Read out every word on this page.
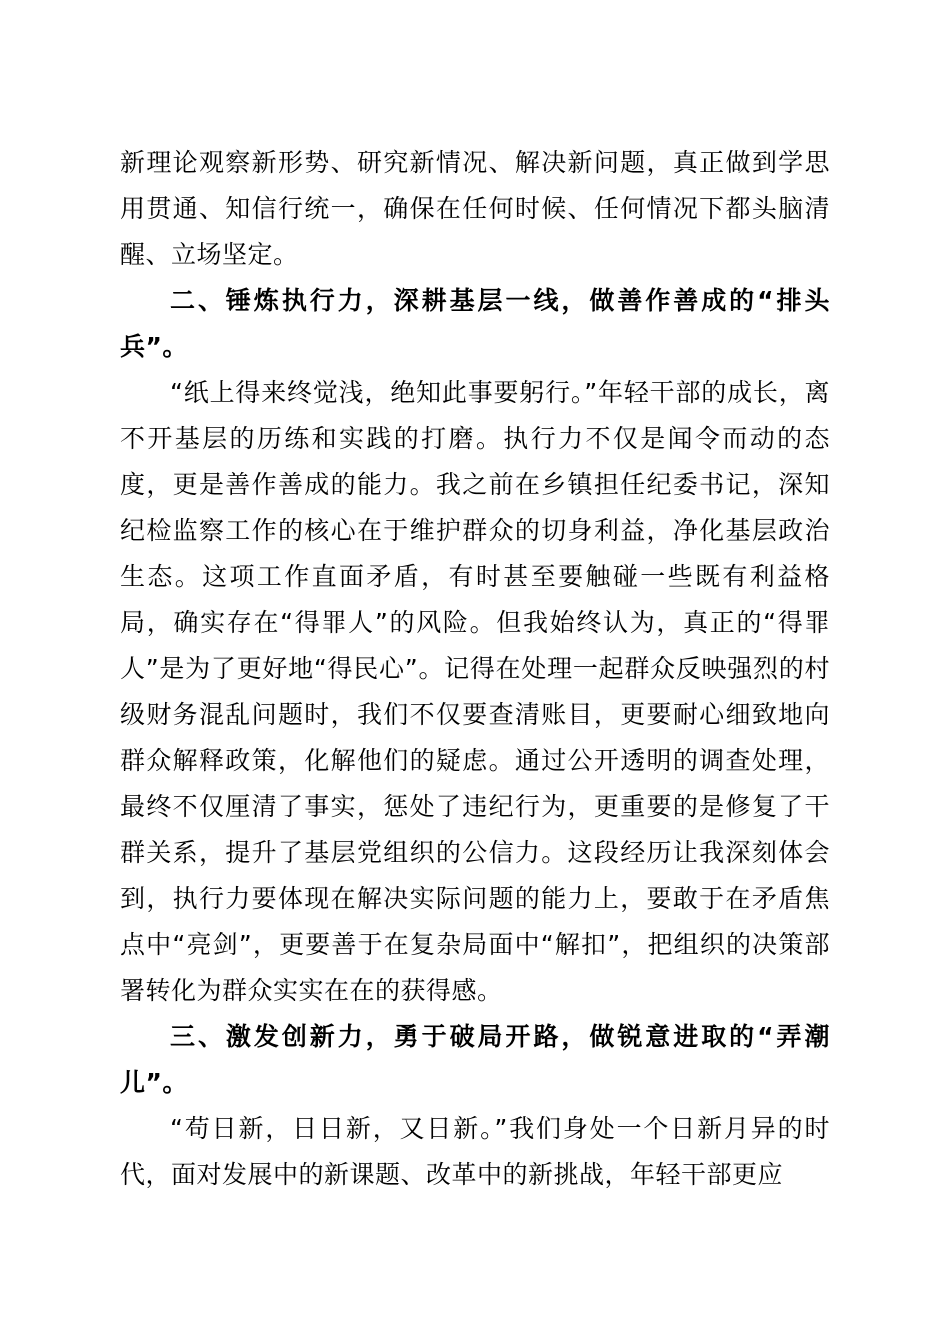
新理论观察新形势、研究新情况、解决新问题，真正做到学思用贯通、知信行统一，确保在任何时候、任何情况下都头脑清醒、立场坚定。

二、锤炼执行力，深耕基层一线，做善作善成的“排头兵”。

“纸上得来终觉浅，绝知此事要躬行。”年轻干部的成长，离不开基层的历练和实践的打磨。执行力不仅是闻令而动的态度，更是善作善成的能力。我之前在乡镇担任纪委书记，深知纪检监察工作的核心在于维护群众的切身利益，净化基层政治生态。这项工作直面矛盾，有时甚至要触碰一些既有利益格局，确实存在“得罪人”的风险。但我始终认为，真正的“得罪人”是为了更好地“得民心”。记得在处理一起群众反映强烈的村级财务混乱问题时，我们不仅要查清账目，更要耐心细致地向群众解释政策，化解他们的疑虑。通过公开透明的调查处理，最终不仅厘清了事实，惩处了违纪行为，更重要的是修复了干群关系，提升了基层党组织的公信力。这段经历让我深刻体会到，执行力要体现在解决实际问题的能力上，要敢于在矛盾焦点中“亮剑”，更要善于在复杂局面中“解扣”，把组织的决策部署转化为群众实实在在的获得感。

三、激发创新力，勇于破局开路，做锐意进取的“弄潮儿”。

“苟日新，日日新，又日新。”我们身处一个日新月异的时代，面对发展中的新课题、改革中的新挑战，年轻干部更应
